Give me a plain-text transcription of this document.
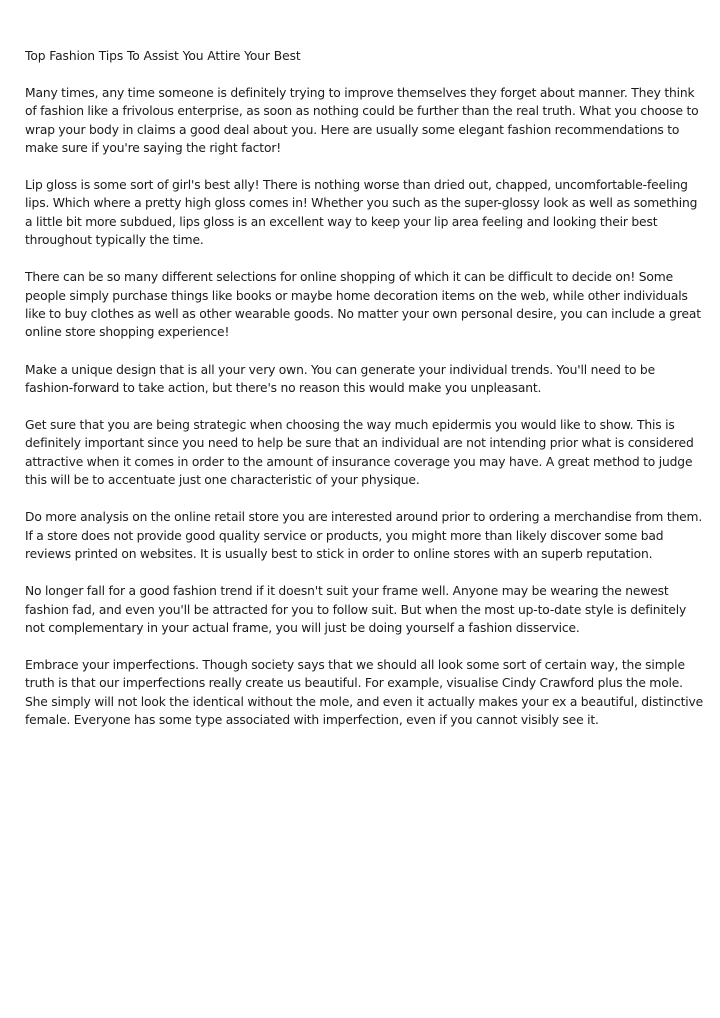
Top Fashion Tips To Assist You Attire Your Best

Many times, any time someone is definitely trying to improve themselves they forget about manner. They think of fashion like a frivolous enterprise, as soon as nothing could be further than the real truth. What you choose to wrap your body in claims a good deal about you. Here are usually some elegant fashion recommendations to make sure if you're saying the right factor!

Lip gloss is some sort of girl's best ally! There is nothing worse than dried out, chapped, uncomfortable-feeling lips. Which where a pretty high gloss comes in! Whether you such as the super-glossy look as well as something a little bit more subdued, lips gloss is an excellent way to keep your lip area feeling and looking their best throughout typically the time.

There can be so many different selections for online shopping of which it can be difficult to decide on! Some people simply purchase things like books or maybe home decoration items on the web, while other individuals like to buy clothes as well as other wearable goods. No matter your own personal desire, you can include a great online store shopping experience!

Make a unique design that is all your very own. You can generate your individual trends. You'll need to be fashion-forward to take action, but there's no reason this would make you unpleasant.

Get sure that you are being strategic when choosing the way much epidermis you would like to show. This is definitely important since you need to help be sure that an individual are not intending prior what is considered attractive when it comes in order to the amount of insurance coverage you may have. A great method to judge this will be to accentuate just one characteristic of your physique.

Do more analysis on the online retail store you are interested around prior to ordering a merchandise from them. If a store does not provide good quality service or products, you might more than likely discover some bad reviews printed on websites. It is usually best to stick in order to online stores with an superb reputation.

No longer fall for a good fashion trend if it doesn't suit your frame well. Anyone may be wearing the newest fashion fad, and even you'll be attracted for you to follow suit. But when the most up-to-date style is definitely not complementary in your actual frame, you will just be doing yourself a fashion disservice.

Embrace your imperfections. Though society says that we should all look some sort of certain way, the simple truth is that our imperfections really create us beautiful. For example, visualise Cindy Crawford plus the mole. She simply will not look the identical without the mole, and even it actually makes your ex a beautiful, distinctive female. Everyone has some type associated with imperfection, even if you cannot visibly see it.
